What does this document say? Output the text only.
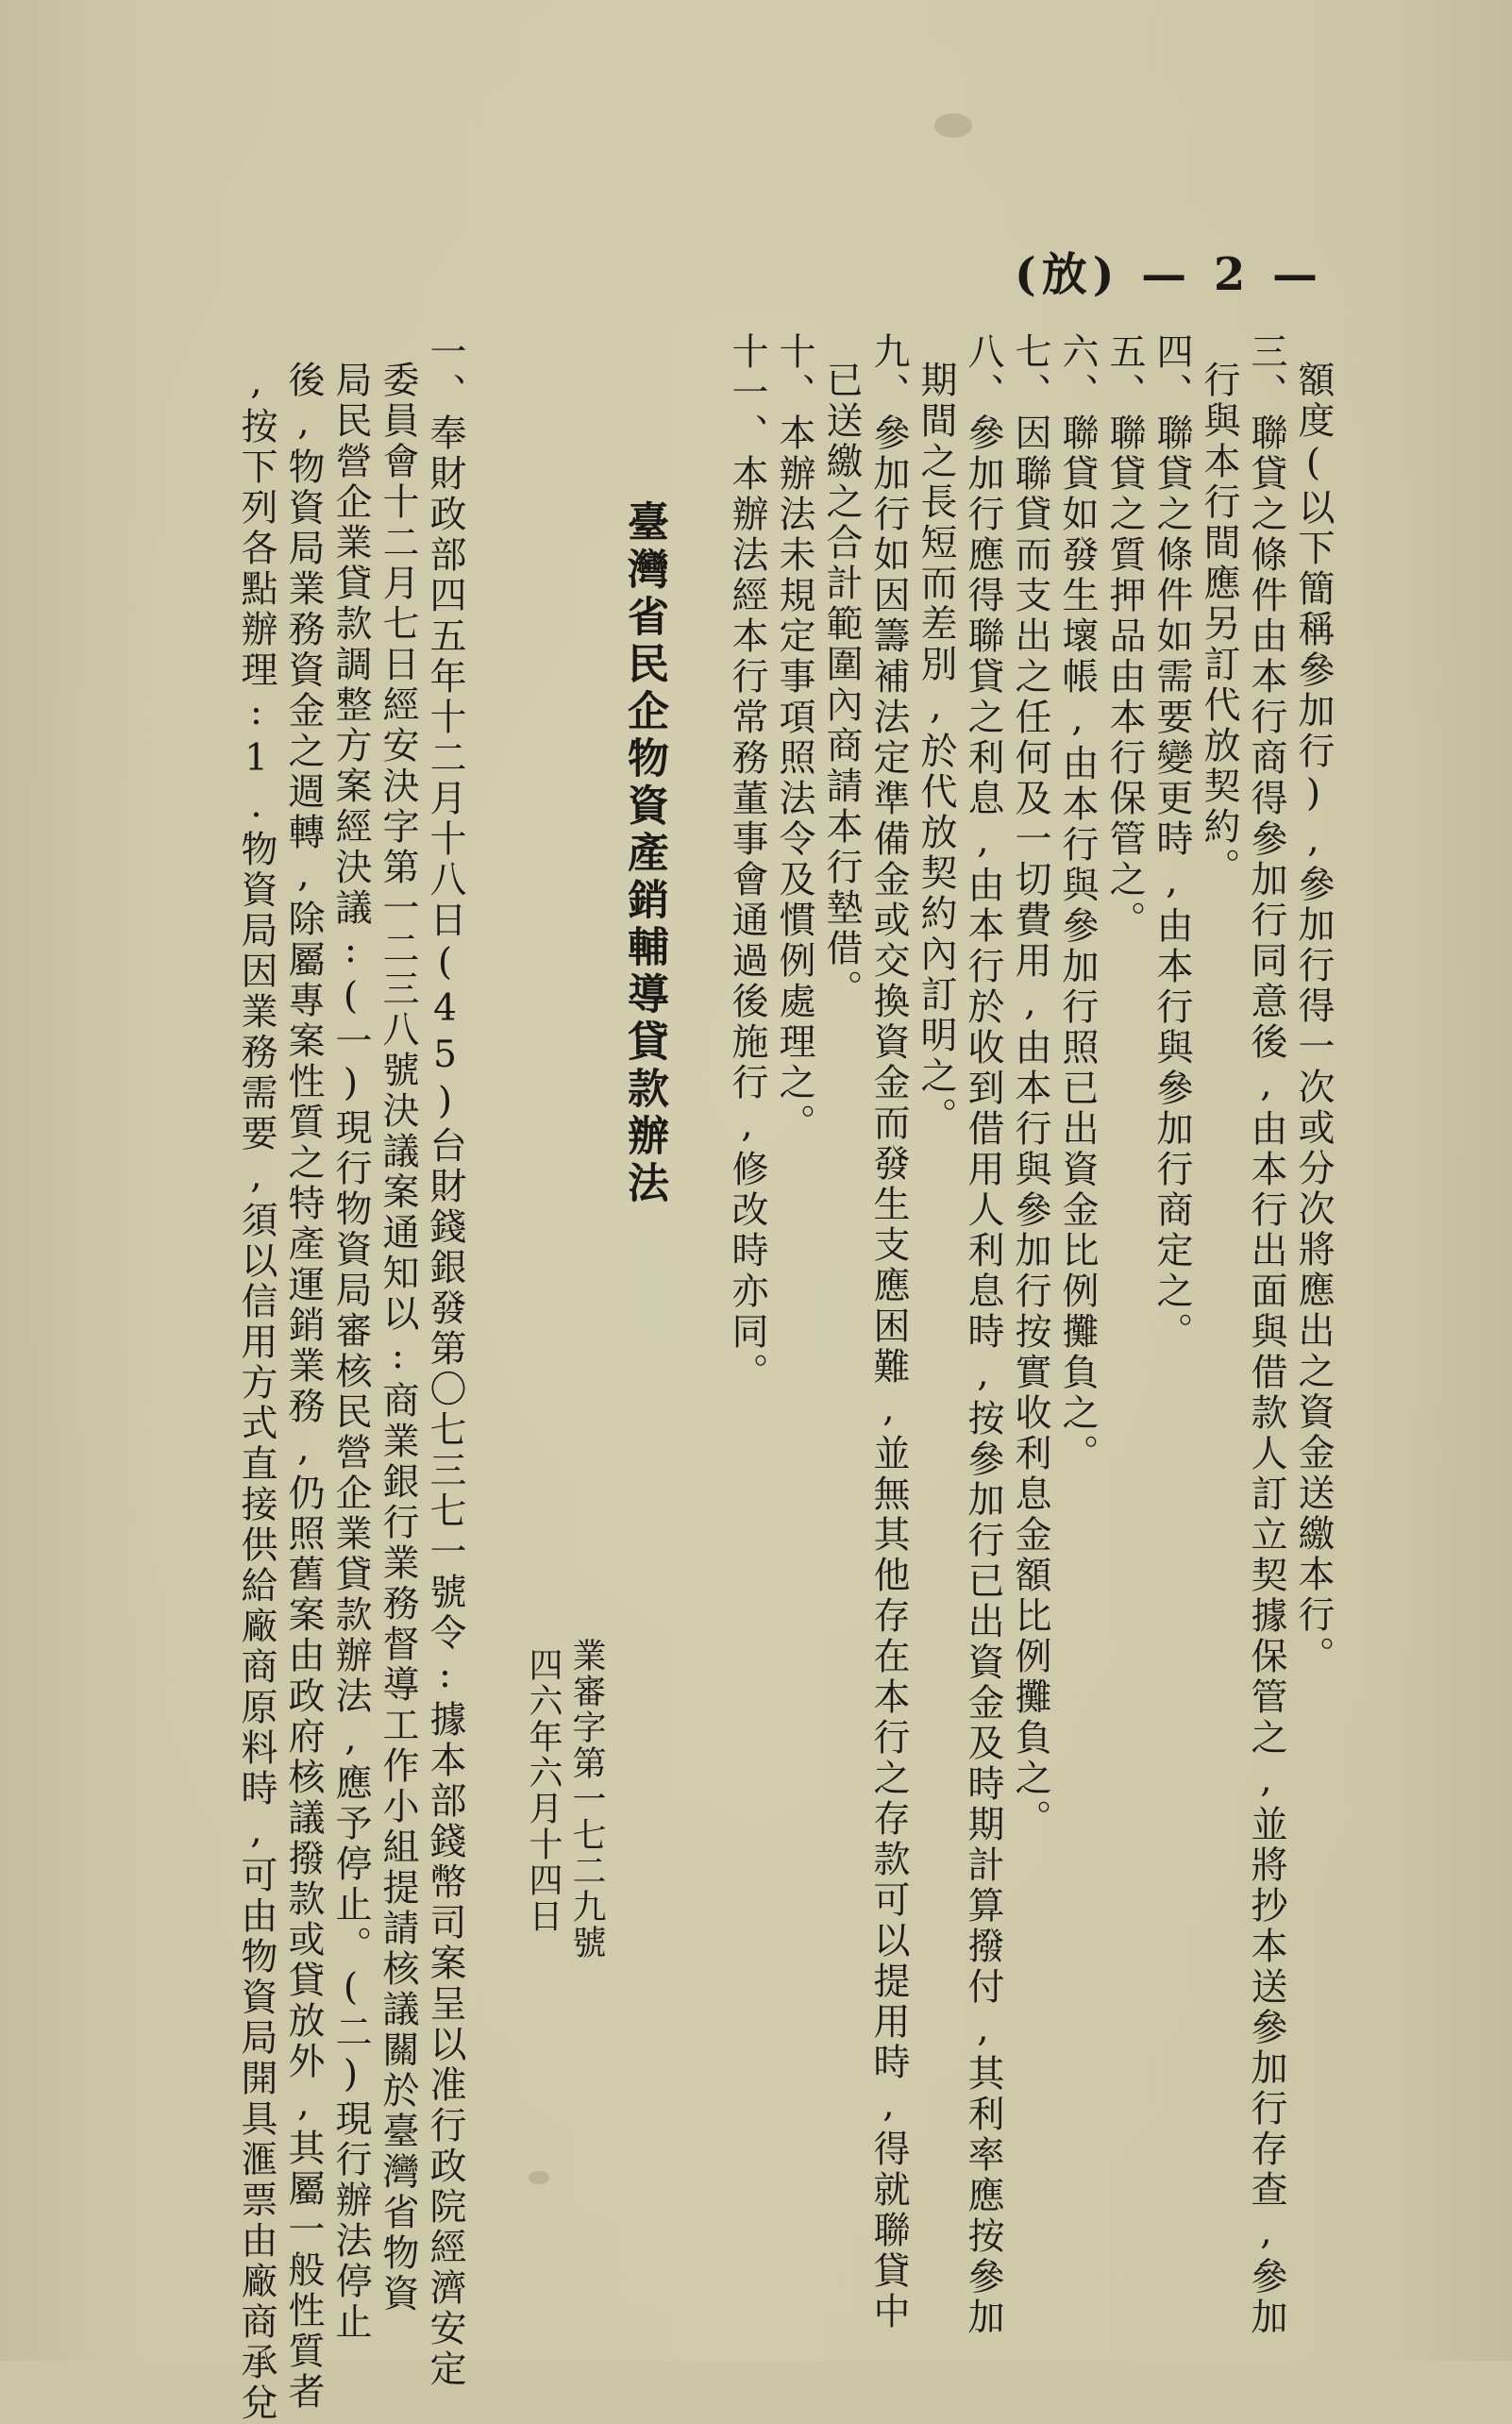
(放) — 2 —
額度(以下簡稱參加行),參加行得一次或分次將應出之資金送繳本行。
三、聯貸之條件由本行商得參加行同意後,由本行出面與借款人訂立契據保管之,並將抄本送參加行存查,參加
行與本行間應另訂代放契約。
四、聯貸之條件如需要變更時,由本行與參加行商定之。
五、聯貸之質押品由本行保管之。
六、聯貸如發生壞帳,由本行與參加行照已出資金比例攤負之。
七、因聯貸而支出之任何及一切費用,由本行與參加行按實收利息金額比例攤負之。
八、參加行應得聯貸之利息,由本行於收到借用人利息時,按參加行已出資金及時期計算撥付,其利率應按參加
期間之長短而差別,於代放契約內訂明之。
九、參加行如因籌補法定準備金或交換資金而發生支應困難,並無其他存在本行之存款可以提用時,得就聯貸中
已送繳之合計範圍內商請本行墊借。
十、本辦法未規定事項照法令及慣例處理之。
十一、本辦法經本行常務董事會通過後施行,修改時亦同。
臺灣省民企物資產銷輔導貸款辦法
業審字第一七二九號
四六年六月十四日
一、奉財政部四五年十二月十八日(45)台財錢銀發第〇七三七一號令:據本部錢幣司案呈以准行政院經濟安定
委員會十二月七日經安決字第一二三八號決議案通知以:商業銀行業務督導工作小組提請核議關於臺灣省物資
局民營企業貸款調整方案經決議:(一)現行物資局審核民營企業貸款辦法,應予停止。(二)現行辦法停止
後,物資局業務資金之週轉,除屬專案性質之特產運銷業務,仍照舊案由政府核議撥款或貸放外,其屬一般性質者
,按下列各點辦理:1.物資局因業務需要,須以信用方式直接供給廠商原料時,可由物資局開具滙票由廠商承兌
